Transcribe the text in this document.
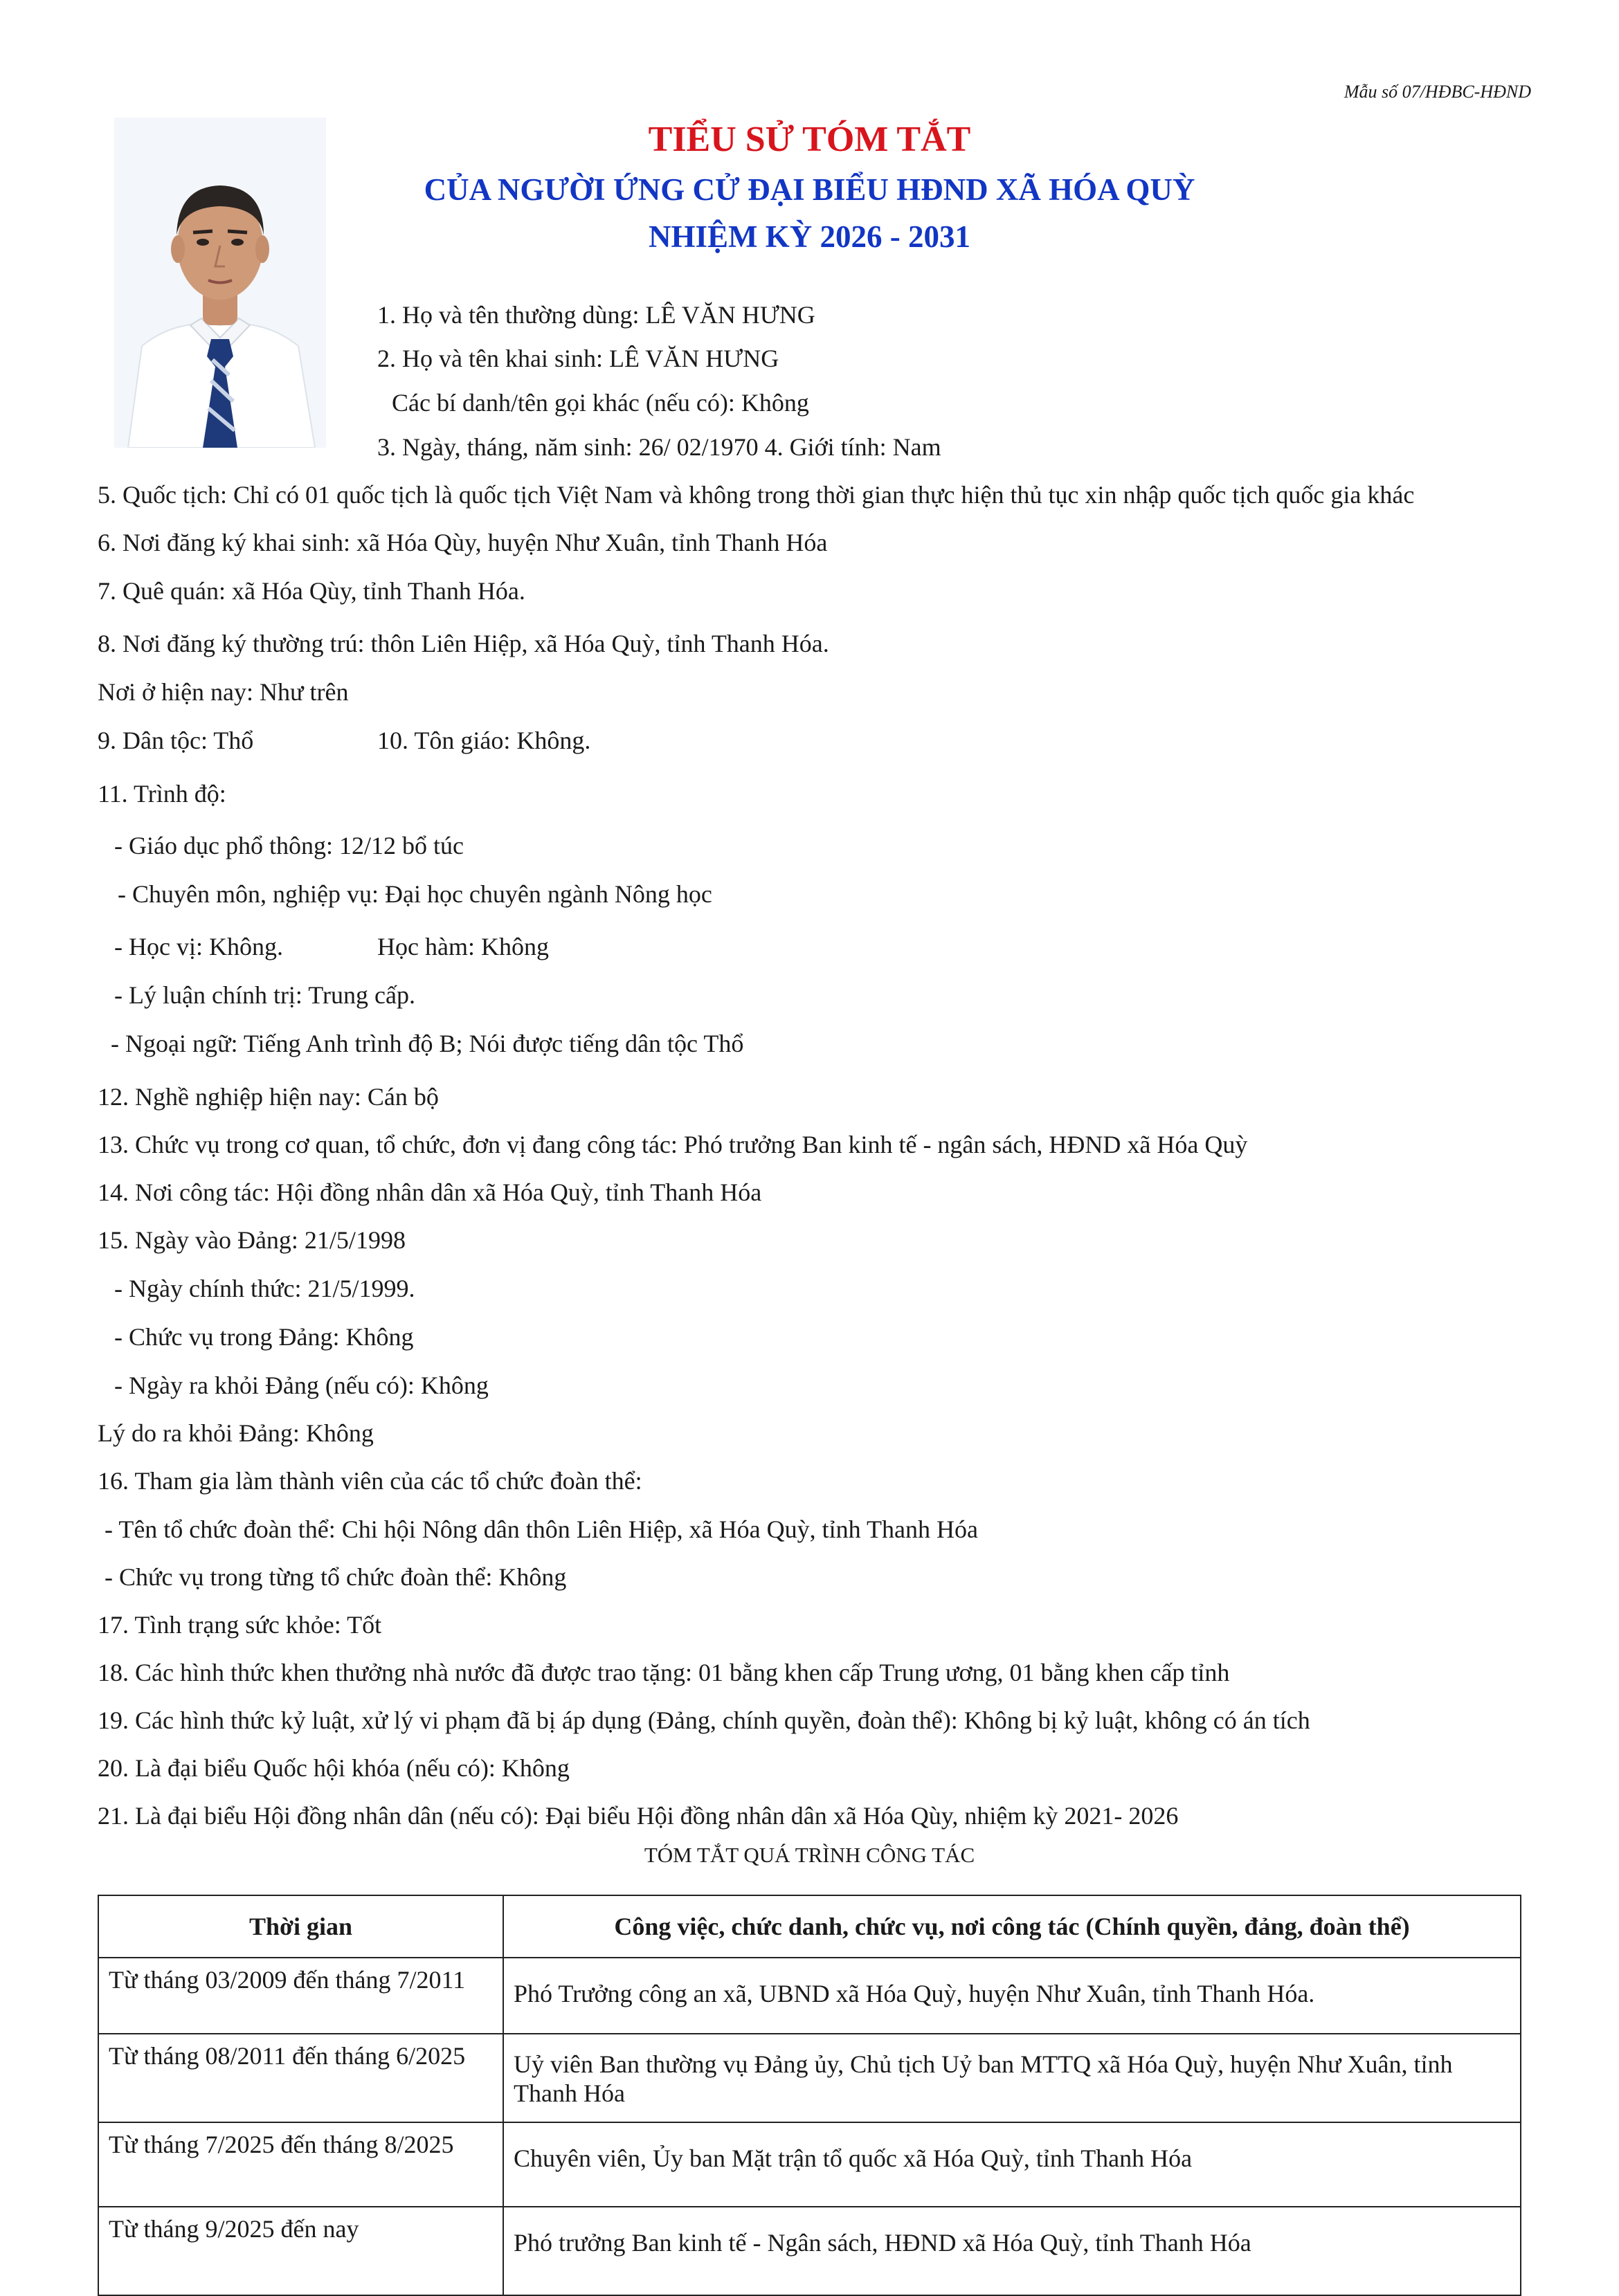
Mẫu số 07/HĐBC-HĐND
TIỂU SỬ TÓM TẮT
CỦA NGƯỜI ỨNG CỬ ĐẠI BIỂU HĐND XÃ HÓA QUỲ
NHIỆM KỲ 2026 - 2031
1. Họ và tên thường dùng: LÊ VĂN HƯNG
2. Họ và tên khai sinh: LÊ VĂN HƯNG
Các bí danh/tên gọi khác (nếu có): Không
3. Ngày, tháng, năm sinh: 26/ 02/1970 4. Giới tính: Nam
5. Quốc tịch: Chỉ có 01 quốc tịch là quốc tịch Việt Nam và không trong thời gian thực hiện thủ tục xin nhập quốc tịch quốc gia khác
6. Nơi đăng ký khai sinh: xã Hóa Qùy, huyện Như Xuân, tỉnh Thanh Hóa
7. Quê quán: xã Hóa Qùy, tỉnh Thanh Hóa.
8. Nơi đăng ký thường trú: thôn Liên Hiệp, xã Hóa Quỳ, tỉnh Thanh Hóa.
Nơi ở hiện nay: Như trên
9. Dân tộc: Thổ	10. Tôn giáo: Không.
11. Trình độ:
- Giáo dục phổ thông: 12/12 bổ túc
- Chuyên môn, nghiệp vụ: Đại học chuyên ngành Nông học
- Học vị: Không.	Học hàm: Không
- Lý luận chính trị: Trung cấp.
- Ngoại ngữ: Tiếng Anh trình độ B; Nói được tiếng dân tộc Thổ
12. Nghề nghiệp hiện nay: Cán bộ
13. Chức vụ trong cơ quan, tổ chức, đơn vị đang công tác: Phó trưởng Ban kinh tế - ngân sách, HĐND xã Hóa Quỳ
14. Nơi công tác: Hội đồng nhân dân xã Hóa Quỳ, tỉnh Thanh Hóa
15. Ngày vào Đảng: 21/5/1998
- Ngày chính thức: 21/5/1999.
- Chức vụ trong Đảng: Không
- Ngày ra khỏi Đảng (nếu có): Không
Lý do ra khỏi Đảng: Không
16. Tham gia làm thành viên của các tổ chức đoàn thể:
- Tên tổ chức đoàn thể: Chi hội Nông dân thôn Liên Hiệp, xã Hóa Quỳ, tỉnh Thanh Hóa
- Chức vụ trong từng tổ chức đoàn thể: Không
17. Tình trạng sức khỏe: Tốt
18. Các hình thức khen thưởng nhà nước đã được trao tặng: 01 bằng khen cấp Trung ương, 01 bằng khen cấp tỉnh
19. Các hình thức kỷ luật, xử lý vi phạm đã bị áp dụng (Đảng, chính quyền, đoàn thể): Không bị kỷ luật, không có án tích
20. Là đại biểu Quốc hội khóa (nếu có): Không
21. Là đại biểu Hội đồng nhân dân (nếu có): Đại biểu Hội đồng nhân dân xã Hóa Qùy, nhiệm kỳ 2021- 2026
TÓM TẮT QUÁ TRÌNH CÔNG TÁC
Thời gian	Công việc, chức danh, chức vụ, nơi công tác (Chính quyền, đảng, đoàn thể)
Từ tháng 03/2009 đến tháng 7/2011	Phó Trưởng công an xã, UBND xã Hóa Quỳ, huyện Như Xuân, tỉnh Thanh Hóa.
Từ tháng 08/2011 đến tháng 6/2025	Uỷ viên Ban thường vụ Đảng ủy, Chủ tịch Uỷ ban MTTQ xã Hóa Quỳ, huyện Như Xuân, tỉnh Thanh Hóa
Từ tháng 7/2025 đến tháng 8/2025	Chuyên viên, Ủy ban Mặt trận tổ quốc xã Hóa Quỳ, tỉnh Thanh Hóa
Từ tháng 9/2025 đến nay	Phó trưởng Ban kinh tế - Ngân sách, HĐND xã Hóa Quỳ, tỉnh Thanh Hóa
